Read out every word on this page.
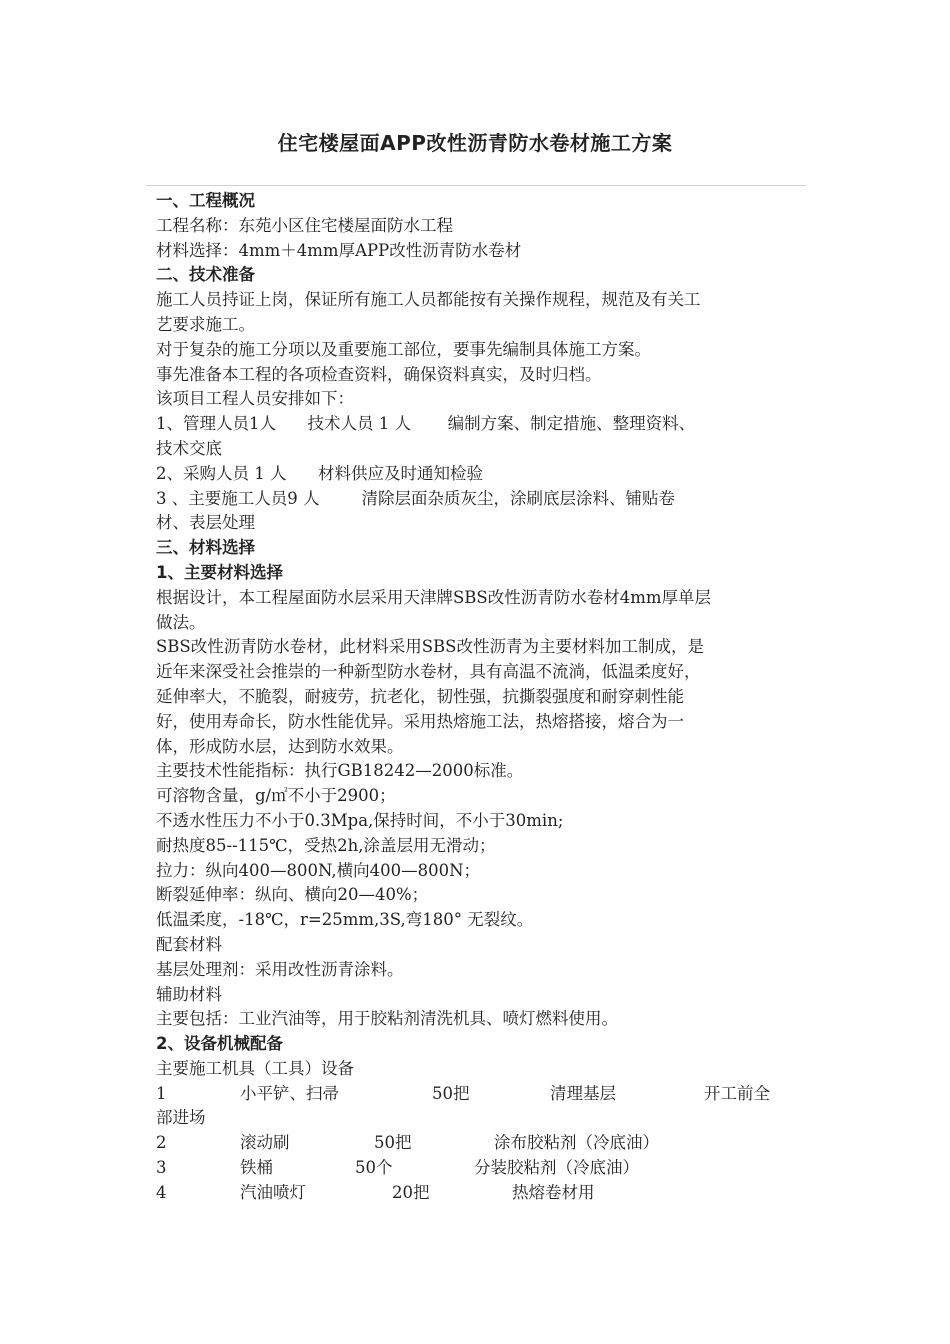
住宅楼屋面APP改性沥青防水卷材施工方案
一、工程概况
工程名称：东苑小区住宅楼屋面防水工程
材料选择：4mm＋4mm厚APP改性沥青防水卷材
二、技术准备
施工人员持证上岗，保证所有施工人员都能按有关操作规程，规范及有关工
艺要求施工。
对于复杂的施工分项以及重要施工部位，要事先编制具体施工方案。
事先准备本工程的各项检查资料，确保资料真实，及时归档。
该项目工程人员安排如下：
1、管理人员1人      技术人员 1 人       编制方案、制定措施、整理资料、
技术交底
2、采购人员 1 人      材料供应及时通知检验
3 、主要施工人员9 人        清除层面杂质灰尘，涂刷底层涂料、铺贴卷
材、表层处理
三、材料选择
1、主要材料选择
根据设计，本工程屋面防水层采用天津牌SBS改性沥青防水卷材4mm厚单层
做法。
SBS改性沥青防水卷材，此材料采用SBS改性沥青为主要材料加工制成，是
近年来深受社会推崇的一种新型防水卷材，具有高温不流淌，低温柔度好，
延伸率大，不脆裂，耐疲劳，抗老化，韧性强，抗撕裂强度和耐穿刺性能
好，使用寿命长，防水性能优异。采用热熔施工法，热熔搭接，熔合为一
体，形成防水层，达到防水效果。
主要技术性能指标：执行GB18242—2000标准。
可溶物含量，g/㎡不小于2900；
不透水性压力不小于0.3Mpa,保持时间，不小于30min;
耐热度85--115℃，受热2h,涂盖层用无滑动；
拉力：纵向400—800N,横向400—800N；
断裂延伸率：纵向、横向20—40%；
低温柔度，-18℃，r=25mm,3S,弯180° 无裂纹。
配套材料
基层处理剂：采用改性沥青涂料。
辅助材料
主要包括：工业汽油等，用于胶粘剂清洗机具、喷灯燃料使用。
2、设备机械配备
主要施工机具（工具）设备
1	小平铲、扫帚	50把	清理基层	开工前全
部进场
2	滚动刷	50把	涂布胶粘剂（冷底油）
3	铁桶	50个	分装胶粘剂（冷底油）
4	汽油喷灯	20把	热熔卷材用
